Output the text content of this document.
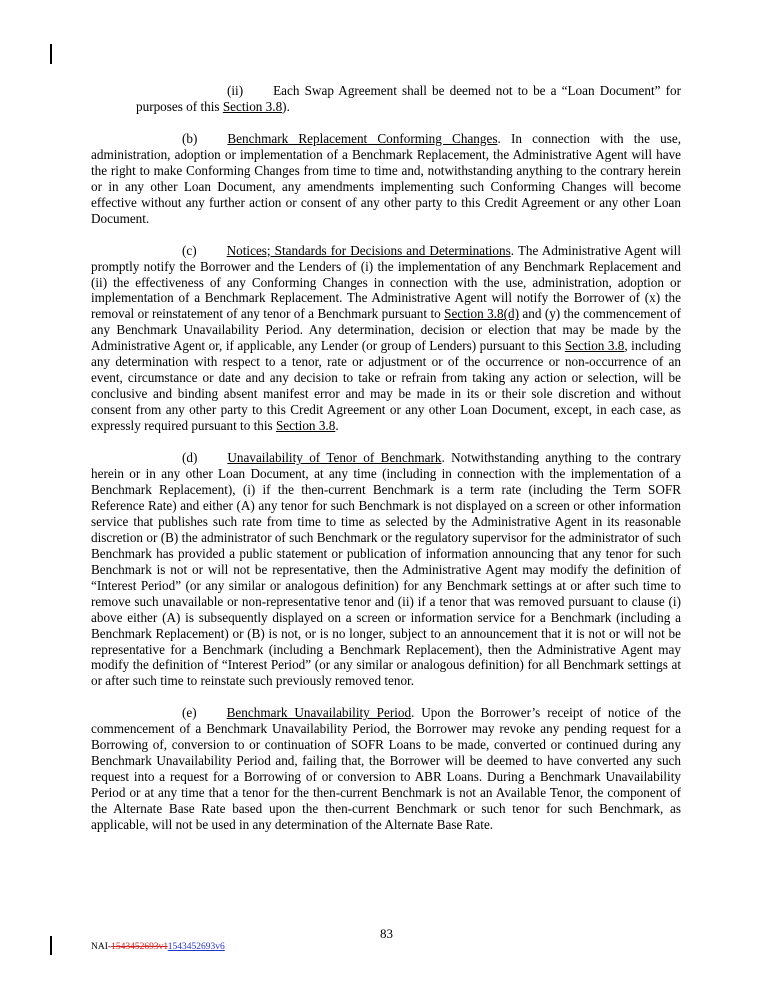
(ii) Each Swap Agreement shall be deemed not to be a “Loan Document” for purposes of this Section 3.8).

(b) Benchmark Replacement Conforming Changes. In connection with the use, administration, adoption or implementation of a Benchmark Replacement, the Administrative Agent will have the right to make Conforming Changes from time to time and, notwithstanding anything to the contrary herein or in any other Loan Document, any amendments implementing such Conforming Changes will become effective without any further action or consent of any other party to this Credit Agreement or any other Loan Document.

(c) Notices; Standards for Decisions and Determinations. The Administrative Agent will promptly notify the Borrower and the Lenders of (i) the implementation of any Benchmark Replacement and (ii) the effectiveness of any Conforming Changes in connection with the use, administration, adoption or implementation of a Benchmark Replacement. The Administrative Agent will notify the Borrower of (x) the removal or reinstatement of any tenor of a Benchmark pursuant to Section 3.8(d) and (y) the commencement of any Benchmark Unavailability Period. Any determination, decision or election that may be made by the Administrative Agent or, if applicable, any Lender (or group of Lenders) pursuant to this Section 3.8, including any determination with respect to a tenor, rate or adjustment or of the occurrence or non-occurrence of an event, circumstance or date and any decision to take or refrain from taking any action or selection, will be conclusive and binding absent manifest error and may be made in its or their sole discretion and without consent from any other party to this Credit Agreement or any other Loan Document, except, in each case, as expressly required pursuant to this Section 3.8.

(d) Unavailability of Tenor of Benchmark. Notwithstanding anything to the contrary herein or in any other Loan Document, at any time (including in connection with the implementation of a Benchmark Replacement), (i) if the then-current Benchmark is a term rate (including the Term SOFR Reference Rate) and either (A) any tenor for such Benchmark is not displayed on a screen or other information service that publishes such rate from time to time as selected by the Administrative Agent in its reasonable discretion or (B) the administrator of such Benchmark or the regulatory supervisor for the administrator of such Benchmark has provided a public statement or publication of information announcing that any tenor for such Benchmark is not or will not be representative, then the Administrative Agent may modify the definition of “Interest Period” (or any similar or analogous definition) for any Benchmark settings at or after such time to remove such unavailable or non-representative tenor and (ii) if a tenor that was removed pursuant to clause (i) above either (A) is subsequently displayed on a screen or information service for a Benchmark (including a Benchmark Replacement) or (B) is not, or is no longer, subject to an announcement that it is not or will not be representative for a Benchmark (including a Benchmark Replacement), then the Administrative Agent may modify the definition of “Interest Period” (or any similar or analogous definition) for all Benchmark settings at or after such time to reinstate such previously removed tenor.

(e) Benchmark Unavailability Period. Upon the Borrower’s receipt of notice of the commencement of a Benchmark Unavailability Period, the Borrower may revoke any pending request for a Borrowing of, conversion to or continuation of SOFR Loans to be made, converted or continued during any Benchmark Unavailability Period and, failing that, the Borrower will be deemed to have converted any such request into a request for a Borrowing of or conversion to ABR Loans. During a Benchmark Unavailability Period or at any time that a tenor for the then-current Benchmark is not an Available Tenor, the component of the Alternate Base Rate based upon the then-current Benchmark or such tenor for such Benchmark, as applicable, will not be used in any determination of the Alternate Base Rate.

83
NAI-1543452693v11543452693v6
